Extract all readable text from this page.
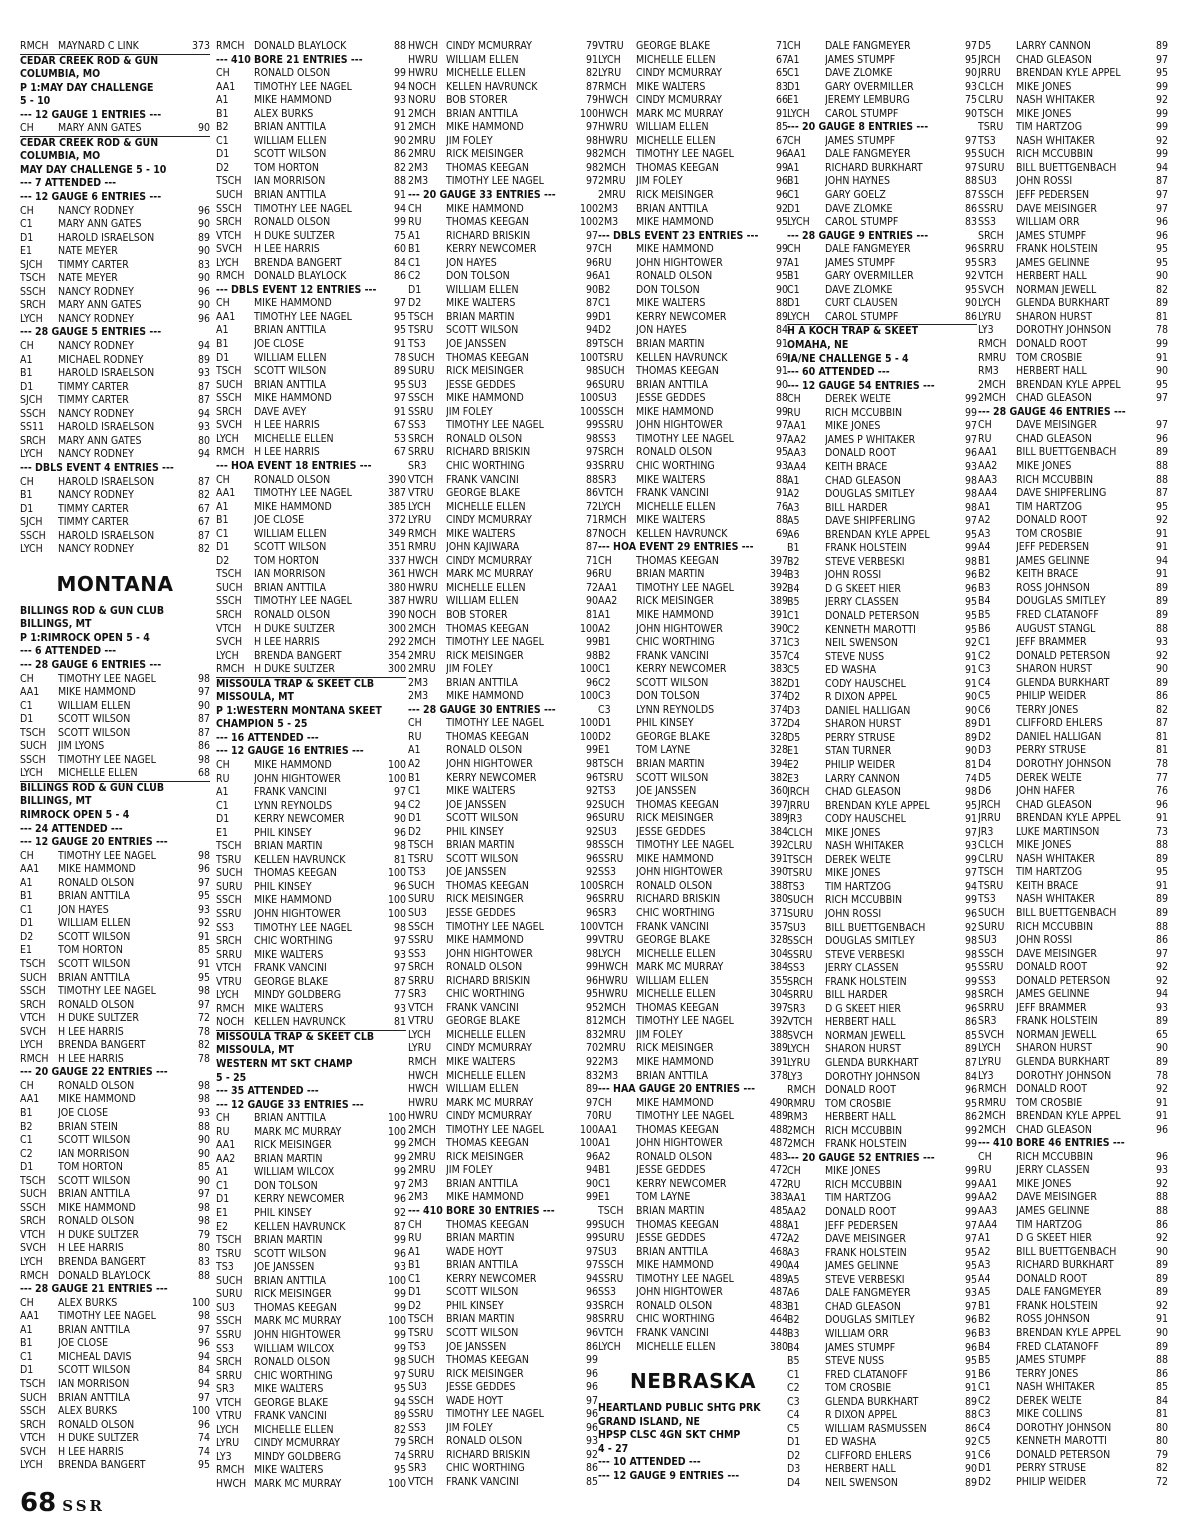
RMCH MAYNARD C LINK	373
CEDAR CREEK ROD & GUN
COLUMBIA, MO
P 1:MAY DAY CHALLENGE
5 - 10
--- 12 GAUGE 1 ENTRIES ---
CH	MARY ANN GATES	90
CEDAR CREEK ROD & GUN
COLUMBIA, MO
MAY DAY CHALLENGE 5 - 10
--- 7 ATTENDED ---
--- 12 GAUGE 6 ENTRIES ---
CH	NANCY RODNEY	96
C1	MARY ANN GATES	90
D1	HAROLD ISRAELSON	89
E1	NATE MEYER	90
SJCH	TIMMY CARTER	83
TSCH	NATE MEYER	90
SSCH	NANCY RODNEY	96
SRCH	MARY ANN GATES	90
LYCH	NANCY RODNEY	96
--- 28 GAUGE 5 ENTRIES ---
CH	NANCY RODNEY	94
A1	MICHAEL RODNEY	89
B1	HAROLD ISRAELSON	93
D1	TIMMY CARTER	87
SJCH	TIMMY CARTER	87
SSCH	NANCY RODNEY	94
SS11	HAROLD ISRAELSON	93
SRCH	MARY ANN GATES	80
LYCH	NANCY RODNEY	94
--- DBLS EVENT 4 ENTRIES ---
CH	HAROLD ISRAELSON	87
B1	NANCY RODNEY	82
D1	TIMMY CARTER	67
SJCH	TIMMY CARTER	67
SSCH	HAROLD ISRAELSON	87
LYCH	NANCY RODNEY	82
MONTANA
BILLINGS ROD & GUN CLUB
BILLINGS, MT
P 1:RIMROCK OPEN 5 - 4
--- 6 ATTENDED ---
--- 28 GAUGE 6 ENTRIES ---
CH	TIMOTHY LEE NAGEL	98
AA1	MIKE HAMMOND	97
C1	WILLIAM ELLEN	90
D1	SCOTT WILSON	87
TSCH	SCOTT WILSON	87
SUCH	JIM LYONS	86
SSCH	TIMOTHY LEE NAGEL	98
LYCH	MICHELLE ELLEN	68
BILLINGS ROD & GUN CLUB
BILLINGS, MT
RIMROCK OPEN 5 - 4
--- 24 ATTENDED ---
--- 12 GAUGE 20 ENTRIES ---
CH	TIMOTHY LEE NAGEL	98
AA1	MIKE HAMMOND	96
A1	RONALD OLSON	97
B1	BRIAN ANTTILA	95
C1	JON HAYES	93
D1	WILLIAM ELLEN	92
D2	SCOTT WILSON	91
E1	TOM HORTON	85
TSCH	SCOTT WILSON	91
SUCH	BRIAN ANTTILA	95
SSCH	TIMOTHY LEE NAGEL	98
SRCH	RONALD OLSON	97
VTCH	H DUKE SULTZER	72
SVCH	H LEE HARRIS	78
LYCH	BRENDA BANGERT	82
RMCH H LEE HARRIS	78
--- 20 GAUGE 22 ENTRIES ---
CH	RONALD OLSON	98
AA1	MIKE HAMMOND	98
B1	JOE CLOSE	93
B2	BRIAN STEIN	88
C1	SCOTT WILSON	90
C2	IAN MORRISON	90
D1	TOM HORTON	85
TSCH	SCOTT WILSON	90
SUCH	BRIAN ANTTILA	97
SSCH	MIKE HAMMOND	98
SRCH	RONALD OLSON	98
VTCH	H DUKE SULTZER	79
SVCH	H LEE HARRIS	80
LYCH	BRENDA BANGERT	83
RMCH DONALD BLAYLOCK	88
--- 28 GAUGE 21 ENTRIES ---
CH	ALEX BURKS	100
AA1	TIMOTHY LEE NAGEL	98
A1	BRIAN ANTTILA	97
B1	JOE CLOSE	96
C1	MICHEAL DAVIS	94
D1	SCOTT WILSON	84
TSCH	IAN MORRISON	94
SUCH	BRIAN ANTTILA	97
SSCH	ALEX BURKS	100
SRCH	RONALD OLSON	96
VTCH	H DUKE SULTZER	74
SVCH	H LEE HARRIS	74
LYCH	BRENDA BANGERT	95
RMCH DONALD BLAYLOCK	88
--- 410 BORE 21 ENTRIES ---
CH	RONALD OLSON	99
AA1	TIMOTHY LEE NAGEL	94
A1	MIKE HAMMOND	93
B1	ALEX BURKS	91
B2	BRIAN ANTTILA	91
C1	WILLIAM ELLEN	90
D1	SCOTT WILSON	86
D2	TOM HORTON	82
TSCH	IAN MORRISON	88
SUCH	BRIAN ANTTILA	91
SSCH	TIMOTHY LEE NAGEL	94
SRCH	RONALD OLSON	99
VTCH	H DUKE SULTZER	75
SVCH	H LEE HARRIS	60
LYCH	BRENDA BANGERT	84
RMCH DONALD BLAYLOCK	86
--- DBLS EVENT 12 ENTRIES ---
CH	MIKE HAMMOND	97
AA1	TIMOTHY LEE NAGEL	95
A1	BRIAN ANTTILA	95
B1	JOE CLOSE	91
D1	WILLIAM ELLEN	78
TSCH	SCOTT WILSON	89
SUCH	BRIAN ANTTILA	95
SSCH	MIKE HAMMOND	97
SRCH	DAVE AVEY	91
SVCH	H LEE HARRIS	67
LYCH	MICHELLE ELLEN	53
RMCH H LEE HARRIS	67
--- HOA EVENT 18 ENTRIES ---
CH	RONALD OLSON	390
AA1	TIMOTHY LEE NAGEL	387
A1	MIKE HAMMOND	385
B1	JOE CLOSE	372
C1	WILLIAM ELLEN	349
D1	SCOTT WILSON	351
D2	TOM HORTON	337
TSCH	IAN MORRISON	361
SUCH	BRIAN ANTTILA	380
SSCH	TIMOTHY LEE NAGEL	387
SRCH	RONALD OLSON	390
VTCH	H DUKE SULTZER	300
SVCH	H LEE HARRIS	292
LYCH	BRENDA BANGERT	354
RMCH H DUKE SULTZER	300
MISSOULA TRAP & SKEET CLB
MISSOULA, MT
P 1:WESTERN MONTANA SKEET
CHAMPION 5 - 25
--- 16 ATTENDED ---
--- 12 GAUGE 16 ENTRIES ---
CH	MIKE HAMMOND	100
RU	JOHN HIGHTOWER	100
A1	FRANK VANCINI	97
C1	LYNN REYNOLDS	94
D1	KERRY NEWCOMER	90
E1	PHIL KINSEY	96
TSCH	BRIAN MARTIN	98
TSRU	KELLEN HAVRUNCK	81
SUCH	THOMAS KEEGAN	100
SURU	PHIL KINSEY	96
SSCH	MIKE HAMMOND	100
SSRU	JOHN HIGHTOWER	100
SS3	TIMOTHY LEE NAGEL	98
SRCH	CHIC WORTHING	97
SRRU	MIKE WALTERS	93
VTCH	FRANK VANCINI	97
VTRU	GEORGE BLAKE	87
LYCH	MINDY GOLDBERG	77
RMCH MIKE WALTERS	93
NOCH KELLEN HAVRUNCK	81
MISSOULA TRAP & SKEET CLB
MISSOULA, MT
WESTERN MT SKT CHAMP
5 - 25
--- 35 ATTENDED ---
--- 12 GAUGE 33 ENTRIES ---
CH	BRIAN ANTTILA	100
RU	MARK MC MURRAY	100
AA1	RICK MEISINGER	99
AA2	BRIAN MARTIN	99
A1	WILLIAM WILCOX	99
C1	DON TOLSON	97
D1	KERRY NEWCOMER	96
E1	PHIL KINSEY	92
E2	KELLEN HAVRUNCK	87
TSCH	BRIAN MARTIN	99
TSRU	SCOTT WILSON	96
TS3	JOE JANSSEN	93
SUCH	BRIAN ANTTILA	100
SURU	RICK MEISINGER	99
SU3	THOMAS KEEGAN	99
SSCH	MARK MC MURRAY	100
SSRU	JOHN HIGHTOWER	99
SS3	WILLIAM WILCOX	99
SRCH	RONALD OLSON	98
SRRU	CHIC WORTHING	97
SR3	MIKE WALTERS	95
VTCH	GEORGE BLAKE	94
VTRU	FRANK VANCINI	89
LYCH	MICHELLE ELLEN	82
LYRU	CINDY MCMURRAY	79
LY3	MINDY GOLDBERG	74
RMCH MIKE WALTERS	95
HWCH MARK MC MURRAY	100
HWCH CINDY MCMURRAY	79
HWRU WILLIAM ELLEN	91
HWRU MICHELLE ELLEN	82
NOCH KELLEN HAVRUNCK	87
NORU BOB STORER	79
2MCH BRIAN ANTTILA	100
2MCH MIKE HAMMOND	97
2MRU JIM FOLEY	98
2MRU RICK MEISINGER	98
2M3	THOMAS KEEGAN	98
2M3	TIMOTHY LEE NAGEL	97
--- 20 GAUGE 33 ENTRIES ---
CH	MIKE HAMMOND	100
RU	THOMAS KEEGAN	100
A1	RICHARD BRISKIN	97
B1	KERRY NEWCOMER	97
C1	JON HAYES	96
C2	DON TOLSON	96
D1	WILLIAM ELLEN	90
D2	MIKE WALTERS	87
TSCH	BRIAN MARTIN	99
TSRU	SCOTT WILSON	94
TS3	JOE JANSSEN	89
SUCH	THOMAS KEEGAN	100
SURU	RICK MEISINGER	98
SU3	JESSE GEDDES	96
SSCH	MIKE HAMMOND	100
SSRU	JIM FOLEY	100
SS3	TIMOTHY LEE NAGEL	99
SRCH	RONALD OLSON	98
SRRU	RICHARD BRISKIN	97
SR3	CHIC WORTHING	93
VTCH	FRANK VANCINI	88
VTRU	GEORGE BLAKE	86
LYCH	MICHELLE ELLEN	72
LYRU	CINDY MCMURRAY	71
RMCH MIKE WALTERS	87
RMRU JOHN KAJIWARA	87
HWCH CINDY MCMURRAY	71
HWCH MARK MC MURRAY	96
HWRU MICHELLE ELLEN	72
HWRU WILLIAM ELLEN	90
NOCH BOB STORER	81
2MCH THOMAS KEEGAN	100
2MCH TIMOTHY LEE NAGEL	99
2MRU RICK MEISINGER	98
2MRU JIM FOLEY	100
2M3	BRIAN ANTTILA	96
2M3	MIKE HAMMOND	100
--- 28 GAUGE 30 ENTRIES ---
CH	TIMOTHY LEE NAGEL	100
RU	THOMAS KEEGAN	100
A1	RONALD OLSON	99
A2	JOHN HIGHTOWER	98
B1	KERRY NEWCOMER	96
C1	MIKE WALTERS	92
C2	JOE JANSSEN	92
D1	SCOTT WILSON	96
D2	PHIL KINSEY	92
TSCH	BRIAN MARTIN	98
TSRU	SCOTT WILSON	96
TS3	JOE JANSSEN	92
SUCH	THOMAS KEEGAN	100
SURU	RICK MEISINGER	96
SU3	JESSE GEDDES	96
SSCH	TIMOTHY LEE NAGEL	100
SSRU	MIKE HAMMOND	99
SS3	JOHN HIGHTOWER	98
SRCH	RONALD OLSON	99
SRRU	RICHARD BRISKIN	96
SR3	CHIC WORTHING	95
VTCH	FRANK VANCINI	95
VTRU	GEORGE BLAKE	81
LYCH	MICHELLE ELLEN	83
LYRU	CINDY MCMURRAY	70
RMCH MIKE WALTERS	92
HWCH MICHELLE ELLEN	83
HWCH WILLIAM ELLEN	89
HWRU MARK MC MURRAY	97
HWRU CINDY MCMURRAY	70
2MCH TIMOTHY LEE NAGEL	100
2MCH THOMAS KEEGAN	100
2MRU RICK MEISINGER	96
2MRU JIM FOLEY	94
2M3	BRIAN ANTTILA	90
2M3	MIKE HAMMOND	99
--- 410 BORE 30 ENTRIES ---
CH	THOMAS KEEGAN	99
RU	BRIAN MARTIN	99
A1	WADE HOYT	97
B1	BRIAN ANTTILA	97
C1	KERRY NEWCOMER	94
D1	SCOTT WILSON	96
D2	PHIL KINSEY	93
TSCH	BRIAN MARTIN	98
TSRU	SCOTT WILSON	96
TS3	JOE JANSSEN	86
SUCH	THOMAS KEEGAN	99
SURU	RICK MEISINGER	96
SU3	JESSE GEDDES	96
SSCH	WADE HOYT	97
SSRU	TIMOTHY LEE NAGEL	96
SS3	JIM FOLEY	96
SRCH	RONALD OLSON	93
SRRU	RICHARD BRISKIN	92
SR3	CHIC WORTHING	86
VTCH	FRANK VANCINI	85
VTRU	GEORGE BLAKE	71
LYCH	MICHELLE ELLEN	67
LYRU	CINDY MCMURRAY	65
RMCH MIKE WALTERS	83
HWCH CINDY MCMURRAY	66
HWCH MARK MC MURRAY	91
HWRU WILLIAM ELLEN	85
HWRU MICHELLE ELLEN	67
2MCH TIMOTHY LEE NAGEL	96
2MCH THOMAS KEEGAN	99
2MRU JIM FOLEY	96
2MRU RICK MEISINGER	96
2M3	BRIAN ANTTILA	92
2M3	MIKE HAMMOND	95
--- DBLS EVENT 23 ENTRIES ---
CH	MIKE HAMMOND	99
RU	JOHN HIGHTOWER	97
A1	RONALD OLSON	95
B2	DON TOLSON	90
C1	MIKE WALTERS	88
D1	KERRY NEWCOMER	89
D2	JON HAYES	84
TSCH	BRIAN MARTIN	91
TSRU	KELLEN HAVRUNCK	69
SUCH	THOMAS KEEGAN	91
SURU	BRIAN ANTTILA	90
SU3	JESSE GEDDES	88
SSCH	MIKE HAMMOND	99
SSRU	JOHN HIGHTOWER	97
SS3	TIMOTHY LEE NAGEL	97
SRCH	RONALD OLSON	95
SRRU	CHIC WORTHING	93
SR3	MIKE WALTERS	88
VTCH	FRANK VANCINI	91
LYCH	MICHELLE ELLEN	76
RMCH MIKE WALTERS	88
NOCH KELLEN HAVRUNCK	69
--- HOA EVENT 29 ENTRIES ---
CH	THOMAS KEEGAN	397
RU	BRIAN MARTIN	394
AA1	TIMOTHY LEE NAGEL	392
AA2	RICK MEISINGER	389
A1	MIKE HAMMOND	391
A2	JOHN HIGHTOWER	390
B1	CHIC WORTHING	371
B2	FRANK VANCINI	357
C1	KERRY NEWCOMER	383
C2	SCOTT WILSON	382
C3	DON TOLSON	374
C3	LYNN REYNOLDS	374
D1	PHIL KINSEY	372
D2	GEORGE BLAKE	328
E1	TOM LAYNE	328
TSCH	BRIAN MARTIN	394
TSRU	SCOTT WILSON	382
TS3	JOE JANSSEN	360
SUCH	THOMAS KEEGAN	397
SURU	RICK MEISINGER	389
SU3	JESSE GEDDES	384
SSCH	TIMOTHY LEE NAGEL	392
SSRU	MIKE HAMMOND	391
SS3	JOHN HIGHTOWER	390
SRCH	RONALD OLSON	388
SRRU	RICHARD BRISKIN	380
SR3	CHIC WORTHING	371
VTCH	FRANK VANCINI	357
VTRU	GEORGE BLAKE	328
LYCH	MICHELLE ELLEN	304
HWCH MARK MC MURRAY	384
HWRU WILLIAM ELLEN	355
HWRU MICHELLE ELLEN	304
2MCH THOMAS KEEGAN	397
2MCH TIMOTHY LEE NAGEL	392
2MRU JIM FOLEY	388
2MRU RICK MEISINGER	389
2M3	MIKE HAMMOND	391
2M3	BRIAN ANTTILA	378
--- HAA GAUGE 20 ENTRIES ---
CH	MIKE HAMMOND	490
RU	TIMOTHY LEE NAGEL	489
AA1	THOMAS KEEGAN	488
A1	JOHN HIGHTOWER	487
A2	RONALD OLSON	483
B1	JESSE GEDDES	472
C1	KERRY NEWCOMER	472
E1	TOM LAYNE	383
TSCH	BRIAN MARTIN	485
SUCH	THOMAS KEEGAN	488
SURU	JESSE GEDDES	472
SU3	BRIAN ANTTILA	468
SSCH	MIKE HAMMOND	490
SSRU	TIMOTHY LEE NAGEL	489
SS3	JOHN HIGHTOWER	487
SRCH	RONALD OLSON	483
SRRU	CHIC WORTHING	464
VTCH	FRANK VANCINI	448
LYCH	MICHELLE ELLEN	380
NEBRASKA
HEARTLAND PUBLIC SHTG PRK
GRAND ISLAND, NE
HPSP CLSC 4GN SKT CHMP
4 - 27
--- 10 ATTENDED ---
--- 12 GAUGE 9 ENTRIES ---
CH	DALE FANGMEYER	97
A1	JAMES STUMPF	95
C1	DAVE ZLOMKE	90
D1	GARY OVERMILLER	93
E1	JEREMY LEMBURG	75
LYCH	CAROL STUMPF	90
--- 20 GAUGE 8 ENTRIES ---
CH	JAMES STUMPF	97
AA1	DALE FANGMEYER	95
A1	RICHARD BURKHART	97
B1	JOHN HAYNES	88
C1	GARY GOELZ	87
D1	DAVE ZLOMKE	86
LYCH	CAROL STUMPF	83
--- 28 GAUGE 9 ENTRIES ---
CH	DALE FANGMEYER	96
A1	JAMES STUMPF	95
B1	GARY OVERMILLER	92
C1	DAVE ZLOMKE	95
D1	CURT CLAUSEN	90
LYCH	CAROL STUMPF	86
H A KOCH TRAP & SKEET
OMAHA, NE
IA/NE CHALLENGE 5 - 4
--- 60 ATTENDED ---
--- 12 GAUGE 54 ENTRIES ---
CH	DEREK WELTE	99
RU	RICH MCCUBBIN	99
AA1	MIKE JONES	97
AA2	JAMES P WHITAKER	97
AA3	DONALD ROOT	96
AA4	KEITH BRACE	93
A1	CHAD GLEASON	98
A2	DOUGLAS SMITLEY	98
A3	BILL HARDER	98
A5	DAVE SHIPFERLING	97
A6	BRENDAN KYLE APPEL	95
B1	FRANK HOLSTEIN	99
B2	STEVE VERBESKI	98
B3	JOHN ROSSI	96
B4	D G SKEET HIER	96
B5	JERRY CLASSEN	95
C1	DONALD PETERSON	95
C2	KENNETH MAROTTI	95
C3	NEIL SWENSON	92
C4	STEVE NUSS	91
C5	ED WASHA	91
D1	CODY HAUSCHEL	91
D2	R DIXON APPEL	90
D3	DANIEL HALLIGAN	90
D4	SHARON HURST	89
D5	PERRY STRUSE	89
E1	STAN TURNER	90
E2	PHILIP WEIDER	81
E3	LARRY CANNON	74
JRCH	CHAD GLEASON	98
JRRU	BRENDAN KYLE APPEL	95
JR3	CODY HAUSCHEL	91
CLCH	MIKE JONES	97
CLRU	NASH WHITAKER	93
TSCH	DEREK WELTE	99
TSRU	MIKE JONES	97
TS3	TIM HARTZOG	94
SUCH	RICH MCCUBBIN	99
SURU	JOHN ROSSI	96
SU3	BILL BUETTGENBACH	92
SSCH	DOUGLAS SMITLEY	98
SSRU	STEVE VERBESKI	98
SS3	JERRY CLASSEN	95
SRCH	FRANK HOLSTEIN	99
SRRU	BILL HARDER	98
SR3	D G SKEET HIER	96
VTCH	HERBERT HALL	86
SVCH	NORMAN JEWELL	85
LYCH	SHARON HURST	89
LYRU	GLENDA BURKHART	87
LY3	DOROTHY JOHNSON	84
RMCH DONALD ROOT	96
RMRU TOM CROSBIE	95
RM3	HERBERT HALL	86
2MCH RICH MCCUBBIN	99
2MCH FRANK HOLSTEIN	99
--- 20 GAUGE 52 ENTRIES ---
CH	MIKE JONES	99
RU	RICH MCCUBBIN	99
AA1	TIM HARTZOG	99
AA2	DONALD ROOT	99
A1	JEFF PEDERSEN	97
A2	DAVE MEISINGER	97
A3	FRANK HOLSTEIN	95
A4	JAMES GELINNE	95
A5	STEVE VERBESKI	95
A6	DALE FANGMEYER	93
B1	CHAD GLEASON	97
B2	DOUGLAS SMITLEY	96
B3	WILLIAM ORR	96
B4	JAMES STUMPF	96
B5	STEVE NUSS	95
C1	FRED CLATANOFF	91
C2	TOM CROSBIE	91
C3	GLENDA BURKHART	89
C4	R DIXON APPEL	88
C5	WILLIAM RASMUSSEN	86
D1	ED WASHA	92
D2	CLIFFORD EHLERS	91
D3	HERBERT HALL	90
D4	NEIL SWENSON	89
D5	LARRY CANNON	89
JRCH	CHAD GLEASON	97
JRRU	BRENDAN KYLE APPEL	95
CLCH	MIKE JONES	99
CLRU	NASH WHITAKER	92
TSCH	MIKE JONES	99
TSRU	TIM HARTZOG	99
TS3	NASH WHITAKER	92
SUCH	RICH MCCUBBIN	99
SURU	BILL BUETTGENBACH	94
SU3	JOHN ROSSI	87
SSCH	JEFF PEDERSEN	97
SSRU	DAVE MEISINGER	97
SS3	WILLIAM ORR	96
SRCH	JAMES STUMPF	96
SRRU	FRANK HOLSTEIN	95
SR3	JAMES GELINNE	95
VTCH	HERBERT HALL	90
SVCH	NORMAN JEWELL	82
LYCH	GLENDA BURKHART	89
LYRU	SHARON HURST	81
LY3	DOROTHY JOHNSON	78
RMCH DONALD ROOT	99
RMRU TOM CROSBIE	91
RM3	HERBERT HALL	90
2MCH BRENDAN KYLE APPEL	95
2MCH CHAD GLEASON	97
--- 28 GAUGE 46 ENTRIES ---
CH	DAVE MEISINGER	97
RU	CHAD GLEASON	96
AA1	BILL BUETTGENBACH	89
AA2	MIKE JONES	88
AA3	RICH MCCUBBIN	88
AA4	DAVE SHIPFERLING	87
A1	TIM HARTZOG	95
A2	DONALD ROOT	92
A3	TOM CROSBIE	91
A4	JEFF PEDERSEN	91
B1	JAMES GELINNE	94
B2	KEITH BRACE	91
B3	ROSS JOHNSON	89
B4	DOUGLAS SMITLEY	89
B5	FRED CLATANOFF	89
B6	AUGUST STANGL	88
C1	JEFF BRAMMER	93
C2	DONALD PETERSON	92
C3	SHARON HURST	90
C4	GLENDA BURKHART	89
C5	PHILIP WEIDER	86
C6	TERRY JONES	82
D1	CLIFFORD EHLERS	87
D2	DANIEL HALLIGAN	81
D3	PERRY STRUSE	81
D4	DOROTHY JOHNSON	78
D5	DEREK WELTE	77
D6	JOHN HAFER	76
JRCH	CHAD GLEASON	96
JRRU	BRENDAN KYLE APPEL	91
JR3	LUKE MARTINSON	73
CLCH	MIKE JONES	88
CLRU	NASH WHITAKER	89
TSCH	TIM HARTZOG	95
TSRU	KEITH BRACE	91
TS3	NASH WHITAKER	89
SUCH	BILL BUETTGENBACH	89
SURU	RICH MCCUBBIN	88
SU3	JOHN ROSSI	86
SSCH	DAVE MEISINGER	97
SSRU	DONALD ROOT	92
SS3	DONALD PETERSON	92
SRCH	JAMES GELINNE	94
SRRU	JEFF BRAMMER	93
SR3	FRANK HOLSTEIN	89
SVCH	NORMAN JEWELL	65
LYCH	SHARON HURST	90
LYRU	GLENDA BURKHART	89
LY3	DOROTHY JOHNSON	78
RMCH DONALD ROOT	92
RMRU TOM CROSBIE	91
2MCH BRENDAN KYLE APPEL	91
2MCH CHAD GLEASON	96
--- 410 BORE 46 ENTRIES ---
CH	RICH MCCUBBIN	96
RU	JERRY CLASSEN	93
AA1	MIKE JONES	92
AA2	DAVE MEISINGER	88
AA3	JAMES GELINNE	88
AA4	TIM HARTZOG	86
A1	D G SKEET HIER	92
A2	BILL BUETTGENBACH	90
A3	RICHARD BURKHART	89
A4	DONALD ROOT	89
A5	DALE FANGMEYER	89
B1	FRANK HOLSTEIN	92
B2	ROSS JOHNSON	91
B3	BRENDAN KYLE APPEL	90
B4	FRED CLATANOFF	89
B5	JAMES STUMPF	88
B6	TERRY JONES	86
C1	NASH WHITAKER	85
C2	DEREK WELTE	84
C3	MIKE COLLINS	81
C4	DOROTHY JOHNSON	80
C5	KENNETH MAROTTI	80
C6	DONALD PETERSON	79
D1	PERRY STRUSE	82
D2	PHILIP WEIDER	72
68 SSR
